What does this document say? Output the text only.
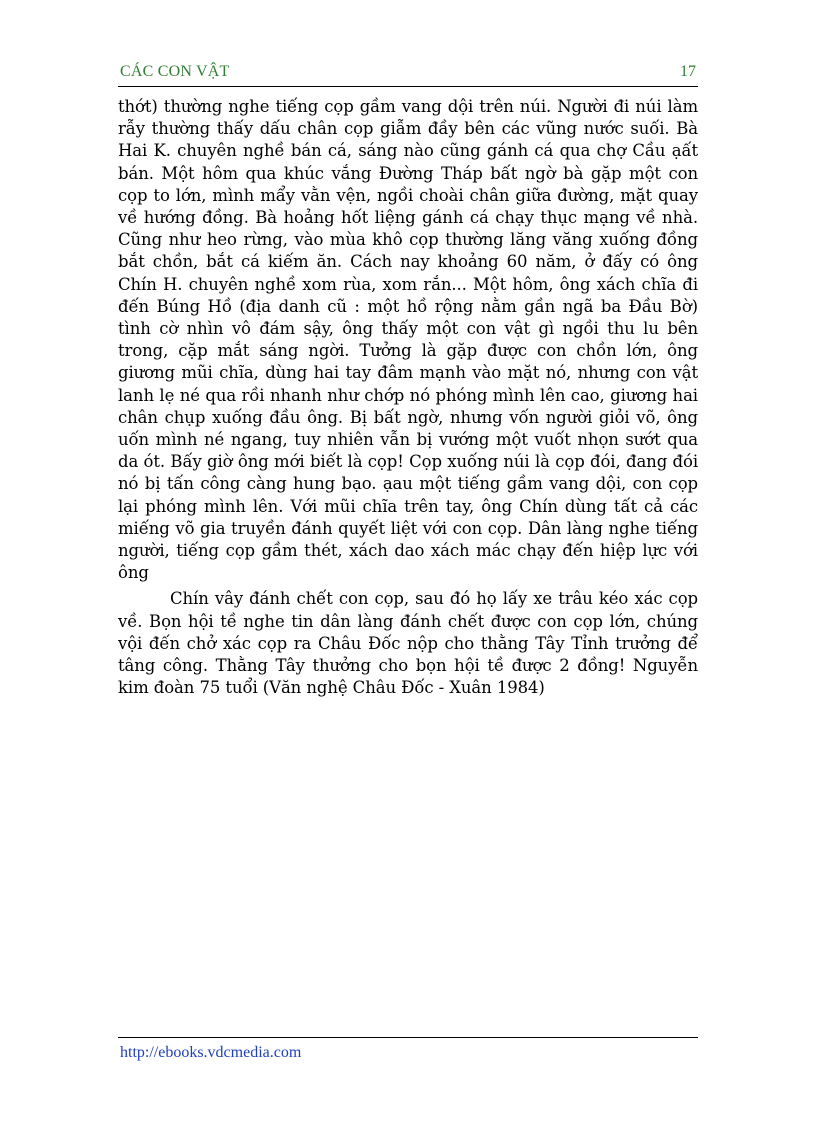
CÁC CON VẬT	17

thớt) thường nghe tiếng cọp gầm vang dội trên núi. Người đi núi làm rẫy thường thấy dấu chân cọp giẫm đầy bên các vũng nước suối. Bà Hai K. chuyên nghề bán cá, sáng nào cũng gánh cá qua chợ Cầu ạất bán. Một hôm qua khúc vắng Đường Tháp bất ngờ bà gặp một con cọp to lớn, mình mẩy vằn vện, ngồi choài chân giữa đường, mặt quay về hướng đồng. Bà hoảng hốt liệng gánh cá chạy thục mạng về nhà. Cũng như heo rừng, vào mùa khô cọp thường lăng văng xuống đồng bắt chồn, bắt cá kiếm ăn. Cách nay khoảng 60 năm, ở đấy có ông Chín H. chuyên nghề xom rùa, xom rắn... Một hôm, ông xách chĩa đi đến Búng Hồ (địa danh cũ : một hồ rộng nằm gần ngã ba Đầu Bờ) tình cờ nhìn vô đám sậy, ông thấy một con vật gì ngồi thu lu bên trong, cặp mắt sáng ngời. Tưởng là gặp được con chồn lớn, ông giương mũi chĩa, dùng hai tay đâm mạnh vào mặt nó, nhưng con vật lanh lẹ né qua rồi nhanh như chớp nó phóng mình lên cao, giương hai chân chụp xuống đầu ông. Bị bất ngờ, nhưng vốn người giỏi võ, ông uốn mình né ngang, tuy nhiên vẫn bị vướng một vuốt nhọn sướt qua da ót. Bấy giờ ông mới biết là cọp! Cọp xuống núi là cọp đói, đang đói nó bị tấn công càng hung bạo. ạau một tiếng gầm vang dội, con cọp lại phóng mình lên. Với mũi chĩa trên tay, ông Chín dùng tất cả các miếng võ gia truyền đánh quyết liệt với con cọp. Dân làng nghe tiếng người, tiếng cọp gầm thét, xách dao xách mác chạy đến hiệp lực với ông

Chín vây đánh chết con cọp, sau đó họ lấy xe trâu kéo xác cọp về. Bọn hội tề nghe tin dân làng đánh chết được con cọp lớn, chúng vội đến chở xác cọp ra Châu Đốc nộp cho thằng Tây Tỉnh trưởng để tâng công. Thằng Tây thưởng cho bọn hội tề được 2 đồng! Nguyễn kim đoàn 75 tuổi (Văn nghệ Châu Đốc - Xuân 1984)

http://ebooks.vdcmedia.com
